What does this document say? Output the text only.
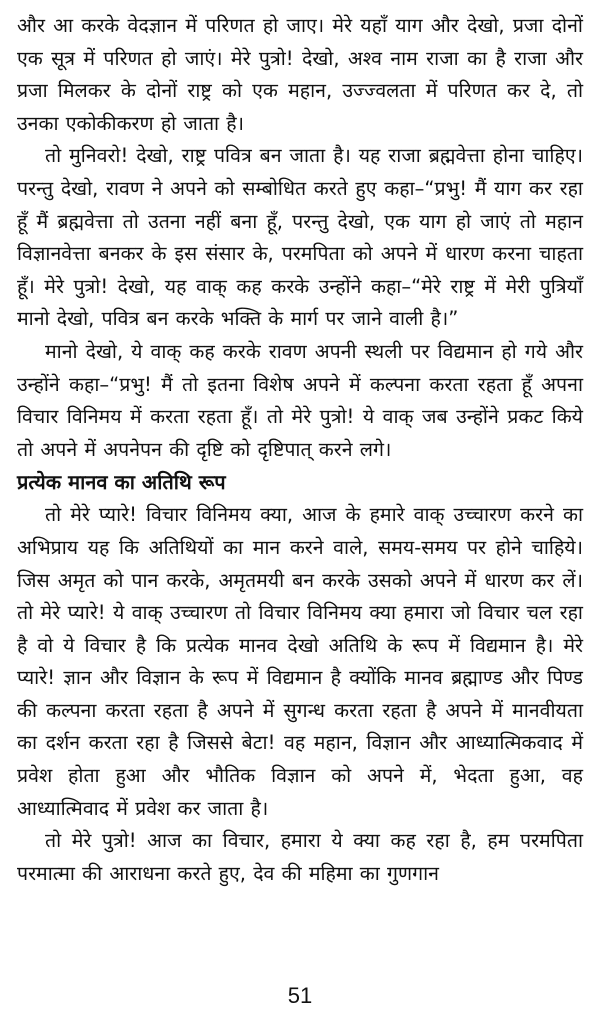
और आ करके वेदज्ञान में परिणत हो जाए। मेरे यहाँ याग और देखो, प्रजा दोनों एक सूत्र में परिणत हो जाएं। मेरे पुत्रो! देखो, अश्व नाम राजा का है राजा और प्रजा मिलकर के दोनों राष्ट्र को एक महान, उज्ज्वलता में परिणत कर दे, तो उनका एकोकीकरण हो जाता है।

तो मुनिवरो! देखो, राष्ट्र पवित्र बन जाता है। यह राजा ब्रह्मवेत्ता होना चाहिए। परन्तु देखो, रावण ने अपने को सम्बोधित करते हुए कहा–“प्रभु! मैं याग कर रहा हूँ मैं ब्रह्मवेत्ता तो उतना नहीं बना हूँ, परन्तु देखो, एक याग हो जाएं तो महान विज्ञानवेत्ता बनकर के इस संसार के, परमपिता को अपने में धारण करना चाहता हूँ। मेरे पुत्रो! देखो, यह वाक् कह करके उन्होंने कहा–“मेरे राष्ट्र में मेरी पुत्रियाँ मानो देखो, पवित्र बन करके भक्ति के मार्ग पर जाने वाली है।”

मानो देखो, ये वाक् कह करके रावण अपनी स्थली पर विद्यमान हो गये और उन्होंने कहा–“प्रभु! मैं तो इतना विशेष अपने में कल्पना करता रहता हूँ अपना विचार विनिमय में करता रहता हूँ। तो मेरे पुत्रो! ये वाक् जब उन्होंने प्रकट किये तो अपने में अपनेपन की दृष्टि को दृष्टिपात् करने लगे।

प्रत्येक मानव का अतिथि रूप

तो मेरे प्यारे! विचार विनिमय क्या, आज के हमारे वाक् उच्चारण करने का अभिप्राय यह कि अतिथियों का मान करने वाले, समय-समय पर होने चाहिये। जिस अमृत को पान करके, अमृतमयी बन करके उसको अपने में धारण कर लें। तो मेरे प्यारे! ये वाक् उच्चारण तो विचार विनिमय क्या हमारा जो विचार चल रहा है वो ये विचार है कि प्रत्येक मानव देखो अतिथि के रूप में विद्यमान है। मेरे प्यारे! ज्ञान और विज्ञान के रूप में विद्यमान है क्योंकि मानव ब्रह्माण्ड और पिण्ड की कल्पना करता रहता है अपने में सुगन्ध करता रहता है अपने में मानवीयता का दर्शन करता रहा है जिससे बेटा! वह महान, विज्ञान और आध्यात्मिकवाद में प्रवेश होता हुआ और भौतिक विज्ञान को अपने में, भेदता हुआ, वह आध्यात्मिवाद में प्रवेश कर जाता है।

तो मेरे पुत्रो! आज का विचार, हमारा ये क्या कह रहा है, हम परमपिता परमात्मा की आराधना करते हुए, देव की महिमा का गुणगान

51
